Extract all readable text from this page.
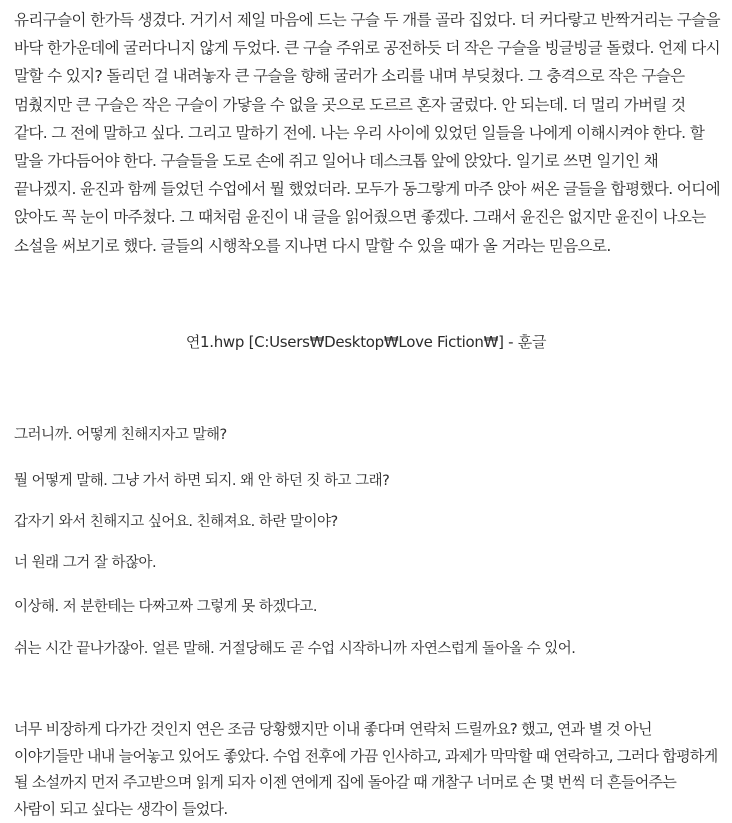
유리구슬이 한가득 생겼다. 거기서 제일 마음에 드는 구슬 두 개를 골라 집었다. 더 커다랗고 반짝거리는 구슬을 바닥 한가운데에 굴러다니지 않게 두었다. 큰 구슬 주위로 공전하듯 더 작은 구슬을 빙글빙글 돌렸다. 언제 다시 말할 수 있지? 돌리던 걸 내려놓자 큰 구슬을 향해 굴러가 소리를 내며 부딪쳤다. 그 충격으로 작은 구슬은 멈췄지만 큰 구슬은 작은 구슬이 가닿을 수 없을 곳으로 도르르 혼자 굴렀다. 안 되는데. 더 멀리 가버릴 것 같다. 그 전에 말하고 싶다. 그리고 말하기 전에. 나는 우리 사이에 있었던 일들을 나에게 이해시켜야 한다. 할 말을 가다듬어야 한다. 구슬들을 도로 손에 쥐고 일어나 데스크톱 앞에 앉았다. 일기로 쓰면 일기인 채 끝나겠지. 윤진과 함께 들었던 수업에서 뭘 했었더라. 모두가 동그랗게 마주 앉아 써온 글들을 합평했다. 어디에 앉아도 꼭 눈이 마주쳤다. 그 때처럼 윤진이 내 글을 읽어줬으면 좋겠다. 그래서 윤진은 없지만 윤진이 나오는 소설을 써보기로 했다. 글들의 시행착오를 지나면 다시 말할 수 있을 때가 올 거라는 믿음으로.

연1.hwp [C:Users₩Desktop₩Love Fiction₩] - 훈글

그러니까. 어떻게 친해지자고 말해?

뭘 어떻게 말해. 그냥 가서 하면 되지. 왜 안 하던 짓 하고 그래?

갑자기 와서 친해지고 싶어요. 친해져요. 하란 말이야?

너 원래 그거 잘 하잖아.

이상해. 저 분한테는 다짜고짜 그렇게 못 하겠다고.

쉬는 시간 끝나가잖아. 얼른 말해. 거절당해도 곧 수업 시작하니까 자연스럽게 돌아올 수 있어.

너무 비장하게 다가간 것인지 연은 조금 당황했지만 이내 좋다며 연락처 드릴까요? 했고, 연과 별 것 아닌 이야기들만 내내 늘어놓고 있어도 좋았다. 수업 전후에 가끔 인사하고, 과제가 막막할 때 연락하고, 그러다 합평하게 될 소설까지 먼저 주고받으며 읽게 되자 이젠 연에게 집에 돌아갈 때 개찰구 너머로 손 몇 번씩 더 흔들어주는 사람이 되고 싶다는 생각이 들었다.
